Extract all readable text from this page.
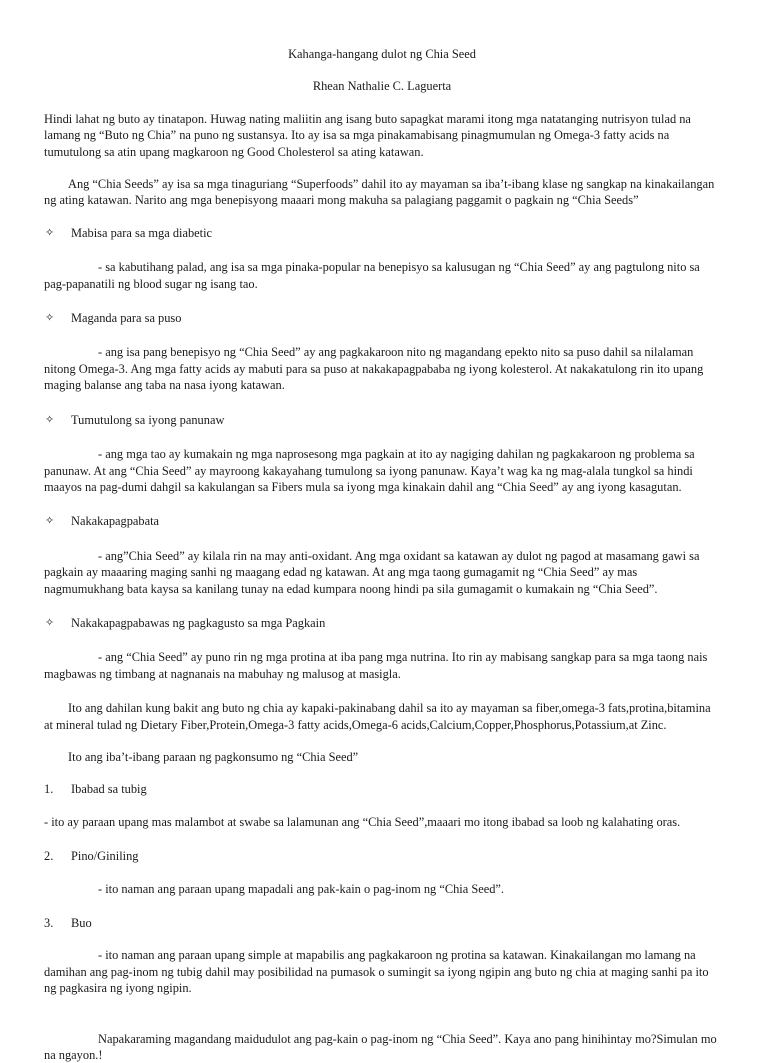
Kahanga-hangang dulot ng Chia Seed

Rhean Nathalie C. Laguerta

Hindi lahat ng buto ay tinatapon. Huwag nating maliitin ang isang buto sapagkat marami itong mga natatanging nutrisyon tulad na lamang ng “Buto ng Chia” na puno ng sustansya. Ito ay isa sa mga pinakamabisang pinagmumulan ng Omega-3 fatty acids na tumutulong sa atin upang magkaroon ng Good Cholesterol sa ating katawan.

Ang “Chia Seeds” ay isa sa mga tinaguriang “Superfoods” dahil ito ay mayaman sa iba’t-ibang klase ng sangkap na kinakailangan ng ating katawan. Narito ang mga benepisyong maaari mong makuha sa palagiang paggamit o pagkain ng “Chia Seeds”

✧ Mabisa para sa mga diabetic

- sa kabutihang palad, ang isa sa mga pinaka-popular na benepisyo sa kalusugan ng “Chia Seed” ay ang pagtulong nito sa pag-papanatili ng blood sugar ng isang tao.

✧ Maganda para sa puso

- ang isa pang benepisyo ng “Chia Seed” ay ang pagkakaroon nito ng magandang epekto nito sa puso dahil sa nilalaman nitong Omega-3. Ang mga fatty acids ay mabuti para sa puso at nakakapagpababa ng iyong kolesterol. At nakakatulong rin ito upang maging balanse ang taba na nasa iyong katawan.

✧ Tumutulong sa iyong panunaw

- ang mga tao ay kumakain ng mga naprosesong mga pagkain at ito ay nagiging dahilan ng pagkakaroon ng problema sa panunaw. At ang “Chia Seed” ay mayroong kakayahang tumulong sa iyong panunaw. Kaya’t wag ka ng mag-alala tungkol sa hindi maayos na pag-dumi dahgil sa kakulangan sa Fibers mula sa iyong mga kinakain dahil ang “Chia Seed” ay ang iyong kasagutan.

✧ Nakakapagpabata

- ang”Chia Seed” ay kilala rin na may anti-oxidant. Ang mga oxidant sa katawan ay dulot ng pagod at masamang gawi sa pagkain ay maaaring maging sanhi ng maagang edad ng katawan. At ang mga taong gumagamit ng “Chia Seed” ay mas nagmumukhang bata kaysa sa kanilang tunay na edad kumpara noong hindi pa sila gumagamit o kumakain ng “Chia Seed”.

✧ Nakakapagpabawas ng pagkagusto sa mga Pagkain

- ang “Chia Seed” ay puno rin ng mga protina at iba pang mga nutrina. Ito rin ay mabisang sangkap para sa mga taong nais magbawas ng timbang at nagnanais na mabuhay ng malusog at masigla.

Ito ang dahilan kung bakit ang buto ng chia ay kapaki-pakinabang dahil sa ito ay mayaman sa fiber,omega-3 fats,protina,bitamina at mineral tulad ng Dietary Fiber,Protein,Omega-3 fatty acids,Omega-6 acids,Calcium,Copper,Phosphorus,Potassium,at Zinc.

Ito ang iba’t-ibang paraan ng pagkonsumo ng “Chia Seed”

1. Ibabad sa tubig

- ito ay paraan upang mas malambot at swabe sa lalamunan ang “Chia Seed”,maaari mo itong ibabad sa loob ng kalahating oras.

2. Pino/Giniling

- ito naman ang paraan upang mapadali ang pak-kain o pag-inom ng “Chia Seed”.

3. Buo

- ito naman ang paraan upang simple at mapabilis ang pagkakaroon ng protina sa katawan. Kinakailangan mo lamang na damihan ang pag-inom ng tubig dahil may posibilidad na pumasok o sumingit sa iyong ngipin ang buto ng chia at maging sanhi pa ito ng pagkasira ng iyong ngipin.

Napakaraming magandang maidudulot ang pag-kain o pag-inom ng “Chia Seed”. Kaya ano pang hinihintay mo?Simulan mo na ngayon.!
